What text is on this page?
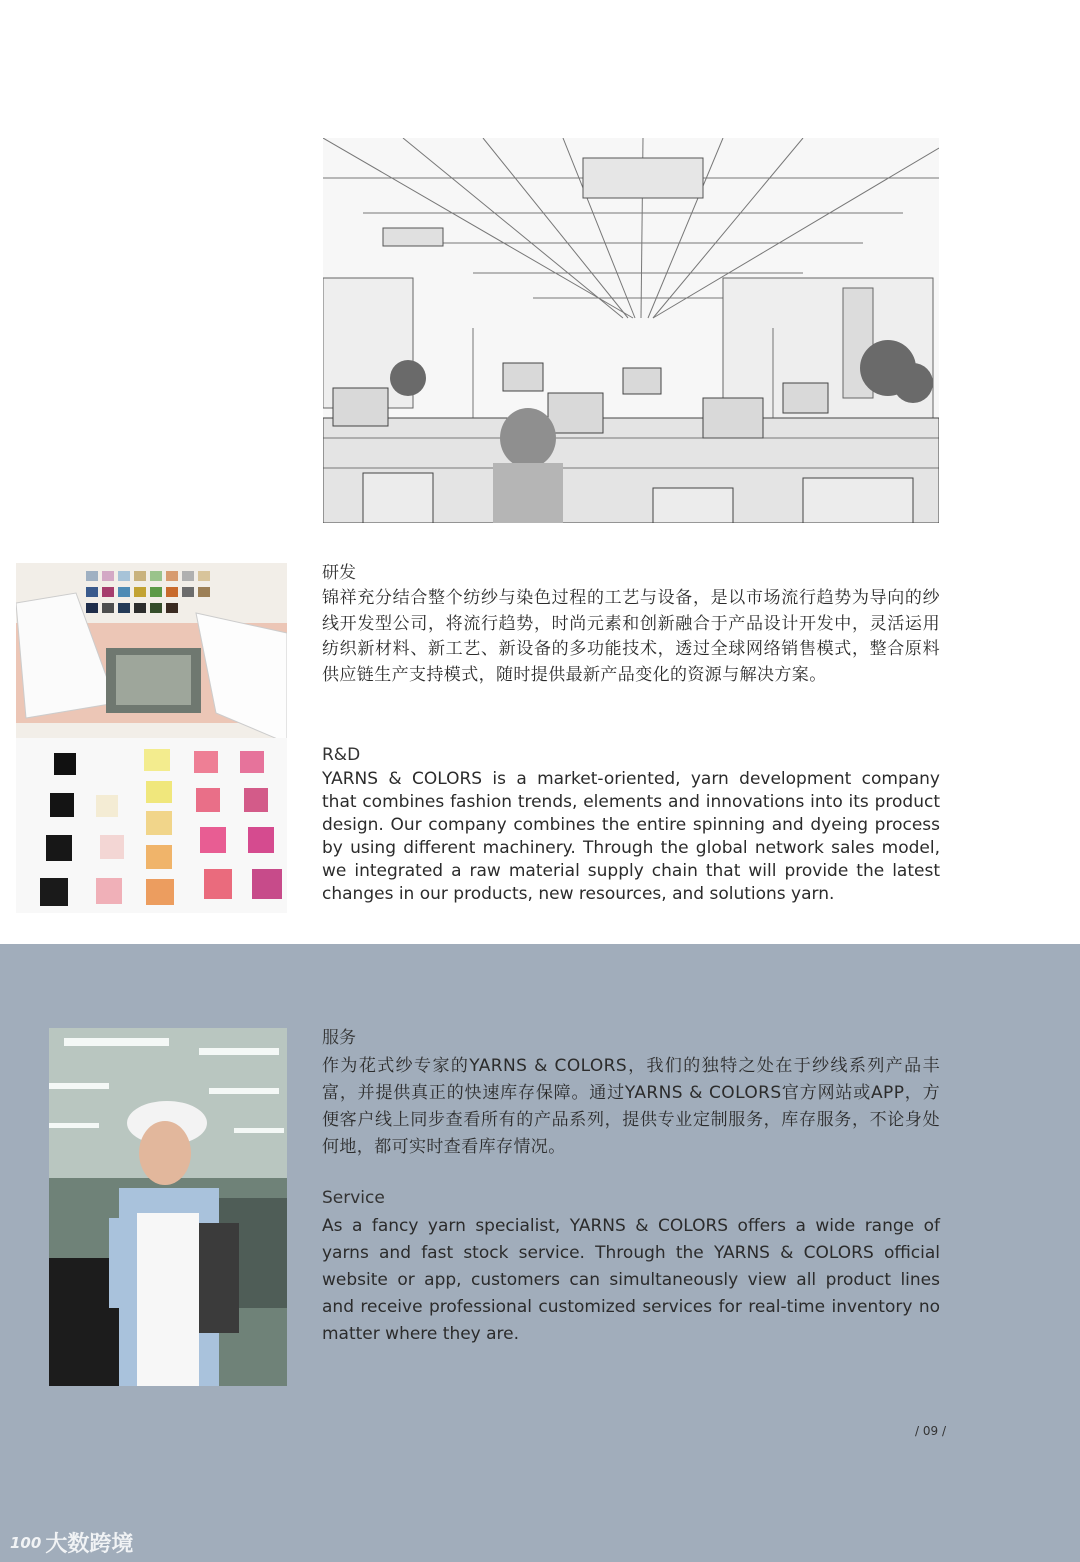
研发

锦祥充分结合整个纺纱与染色过程的工艺与设备，是以市场流行趋势为导向的纱线开发型公司，将流行趋势，时尚元素和创新融合于产品设计开发中，灵活运用纺织新材料、新工艺、新设备的多功能技术，透过全球网络销售模式，整合原料供应链生产支持模式，随时提供最新产品变化的资源与解决方案。

R&D

YARNS & COLORS is a market-oriented, yarn development company that combines fashion trends, elements and innovations into its product design. Our company combines the entire spinning and dyeing process by using different machinery. Through the global network sales model, we integrated a raw material supply chain that will provide the latest changes in our products, new resources, and solutions yarn.

服务

作为花式纱专家的YARNS & COLORS，我们的独特之处在于纱线系列产品丰富，并提供真正的快速库存保障。通过YARNS & COLORS官方网站或APP，方便客户线上同步查看所有的产品系列，提供专业定制服务，库存服务，不论身处何地，都可实时查看库存情况。

Service

As a fancy yarn specialist, YARNS & COLORS offers a wide range of yarns and fast stock service. Through the YARNS & COLORS official website or app, customers can simultaneously view all product lines and receive professional customized services for real-time inventory no matter where they are.

/ 09 /
100 大数跨境
